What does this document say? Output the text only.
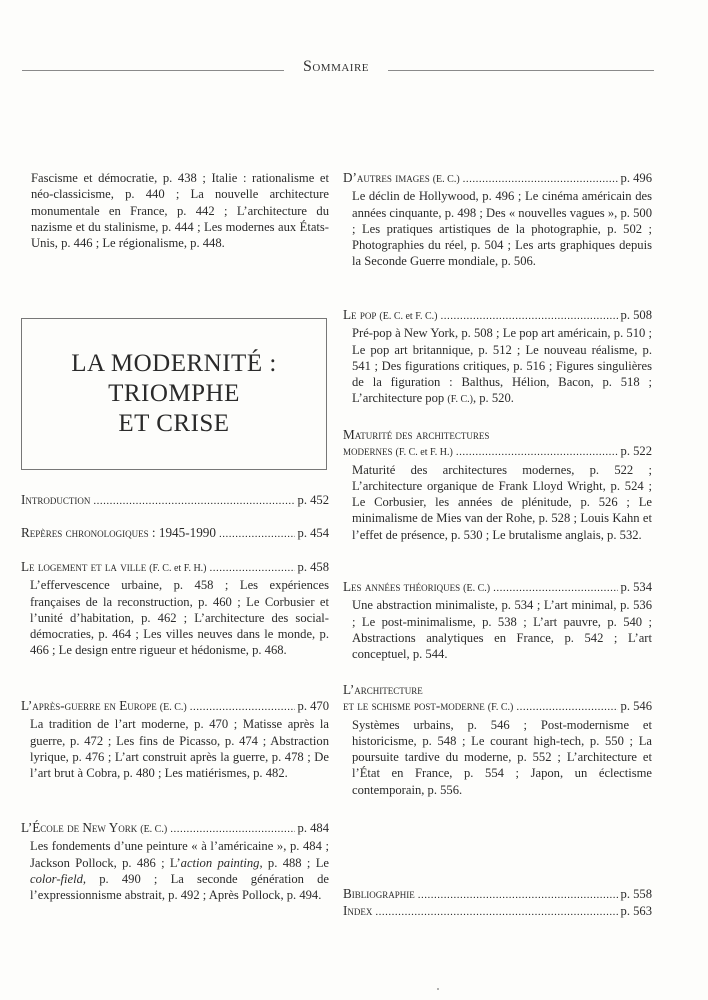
Sommaire
Fascisme et démocratie, p. 438 ; Italie : rationalisme et néo-classicisme, p. 440 ; La nouvelle architecture monumentale en France, p. 442 ; L’architecture du nazisme et du stalinisme, p. 444 ; Les modernes aux États-Unis, p. 446 ; Le régionalisme, p. 448.
LA MODERNITÉ :
TRIOMPHE
ET CRISE
Introduction .....	p. 452
Repères chronologiques : 1945-1990 .....	p. 454
Le logement et la ville (F. C. et F. H.) .....	p. 458
L’effervescence urbaine, p. 458 ; Les expériences françaises de la reconstruction, p. 460 ; Le Corbusier et l’unité d’habitation, p. 462 ; L’architecture des social-démocraties, p. 464 ; Les villes neuves dans le monde, p. 466 ; Le design entre rigueur et hédonisme, p. 468.
L’après-guerre en Europe (E. C.) .....	p. 470
La tradition de l’art moderne, p. 470 ; Matisse après la guerre, p. 472 ; Les fins de Picasso, p. 474 ; Abstraction lyrique, p. 476 ; L’art construit après la guerre, p. 478 ; De l’art brut à Cobra, p. 480 ; Les matiérismes, p. 482.
L’École de New York (E. C.) .....	p. 484
Les fondements d’une peinture « à l’américaine », p. 484 ; Jackson Pollock, p. 486 ; L’action painting, p. 488 ; Le color-field, p. 490 ; La seconde génération de l’expressionnisme abstrait, p. 492 ; Après Pollock, p. 494.
D’autres images (E. C.) .....	p. 496
Le déclin de Hollywood, p. 496 ; Le cinéma américain des années cinquante, p. 498 ; Des « nouvelles vagues », p. 500 ; Les pratiques artistiques de la photographie, p. 502 ; Photographies du réel, p. 504 ; Les arts graphiques depuis la Seconde Guerre mondiale, p. 506.
Le pop (E. C. et F. C.) .....	p. 508
Pré-pop à New York, p. 508 ; Le pop art américain, p. 510 ; Le pop art britannique, p. 512 ; Le nouveau réalisme, p. 541 ; Des figurations critiques, p. 516 ; Figures singulières de la figuration : Balthus, Hélion, Bacon, p. 518 ; L’architecture pop (F. C.), p. 520.
Maturité des architectures
modernes (F. C. et F. H.) .....	p. 522
Maturité des architectures modernes, p. 522 ; L’architecture organique de Frank Lloyd Wright, p. 524 ; Le Corbusier, les années de plénitude, p. 526 ; Le minimalisme de Mies van der Rohe, p. 528 ; Louis Kahn et l’effet de présence, p. 530 ; Le brutalisme anglais, p. 532.
Les années théoriques (E. C.) .....	p. 534
Une abstraction minimaliste, p. 534 ; L’art minimal, p. 536 ; Le post-minimalisme, p. 538 ; L’art pauvre, p. 540 ; Abstractions analytiques en France, p. 542 ; L’art conceptuel, p. 544.
L’architecture
et le schisme post-moderne (F. C.) .....	p. 546
Systèmes urbains, p. 546 ; Post-modernisme et historicisme, p. 548 ; Le courant high-tech, p. 550 ; La poursuite tardive du moderne, p. 552 ; L’architecture et l’État en France, p. 554 ; Japon, un éclectisme contemporain, p. 556.
Bibliographie .....	p. 558
Index .....	p. 563
